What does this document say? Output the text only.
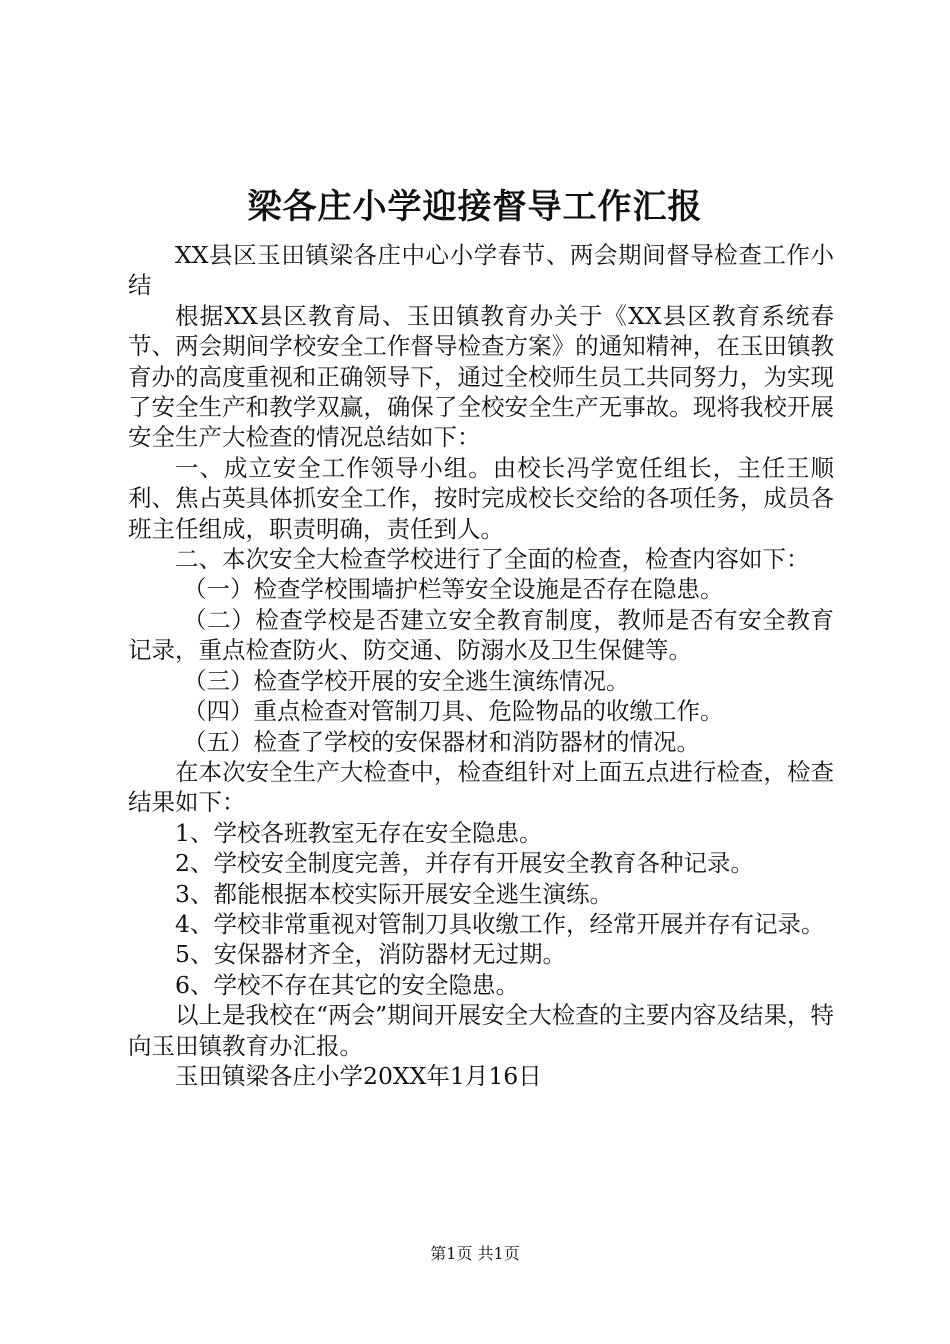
梁各庄小学迎接督导工作汇报

XX县区玉田镇梁各庄中心小学春节、两会期间督导检查工作小结

根据XX县区教育局、玉田镇教育办关于《XX县区教育系统春节、两会期间学校安全工作督导检查方案》的通知精神，在玉田镇教育办的高度重视和正确领导下，通过全校师生员工共同努力，为实现了安全生产和教学双赢，确保了全校安全生产无事故。现将我校开展安全生产大检查的情况总结如下：

一、成立安全工作领导小组。由校长冯学宽任组长，主任王顺利、焦占英具体抓安全工作，按时完成校长交给的各项任务，成员各班主任组成，职责明确，责任到人。

二、本次安全大检查学校进行了全面的检查，检查内容如下：

（一）检查学校围墙护栏等安全设施是否存在隐患。

（二）检查学校是否建立安全教育制度，教师是否有安全教育记录，重点检查防火、防交通、防溺水及卫生保健等。

（三）检查学校开展的安全逃生演练情况。

（四）重点检查对管制刀具、危险物品的收缴工作。

（五）检查了学校的安保器材和消防器材的情况。

在本次安全生产大检查中，检查组针对上面五点进行检查，检查结果如下：

1、学校各班教室无存在安全隐患。

2、学校安全制度完善，并存有开展安全教育各种记录。

3、都能根据本校实际开展安全逃生演练。

4、学校非常重视对管制刀具收缴工作，经常开展并存有记录。

5、安保器材齐全，消防器材无过期。

6、学校不存在其它的安全隐患。

以上是我校在“两会”期间开展安全大检查的主要内容及结果，特向玉田镇教育办汇报。

玉田镇梁各庄小学20XX年1月16日

第1页 共1页
